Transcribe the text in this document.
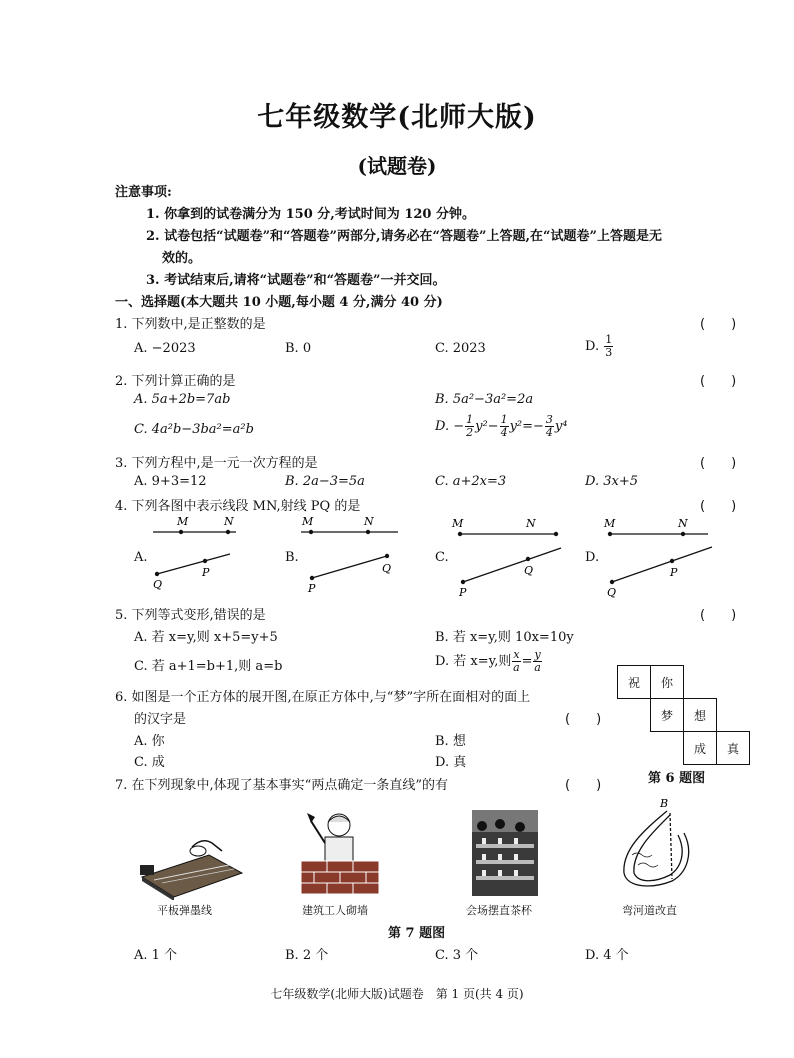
七年级数学(北师大版)
(试题卷)
注意事项:
1. 你拿到的试卷满分为 150 分,考试时间为 120 分钟。
2. 试卷包括“试题卷”和“答题卷”两部分,请务必在“答题卷”上答题,在“试题卷”上答题是无
效的。
3. 考试结束后,请将“试题卷”和“答题卷”一并交回。
一、选择题(本大题共 10 小题,每小题 4 分,满分 40 分)
1. 下列数中,是正整数的是	(　　)
A. −2023	B. 0	C. 2023	D. $\frac{1}{3}$
2. 下列计算正确的是	(　　)
A. 5a+2b=7ab	B. 5a²−3a²=2a
C. 4a²b−3ba²=a²b	D. − $\frac{1}{2} y^2- \frac{1}{4} y^2=- \frac{3}{4} y^4$
3. 下列方程中,是一元一次方程的是	(　　)
A. 9+3=12	B. 2a−3=5a	C. a+2x=3	D. 3x+5
4. 下列各图中表示线段 MN,射线 PQ 的是	(　　)
A.
M	N
Q
P
B.
M	N
P
Q
C.
M	N
P
Q
D.
M	N
Q
P
5. 下列等式变形,错误的是	(　　)
A. 若 x=y,则 x+5=y+5	B. 若 x=y,则 10x=10y
C. 若 a+1=b+1,则 a=b	D. 若 x=y,则 $\frac{x}{a} = \frac{y}{a}$
6. 如图是一个正方体的展开图,在原正方体中,与“梦”字所在面相对的面上
的汉字是	(　　)
A. 你	B. 想
C. 成	D. 真
祝	你
梦	想
成	真
第 6 题图
7. 在下列现象中,体现了基本事实“两点确定一条直线”的有	(　　)
平板弹墨线	建筑工人砌墙	会场摆直茶杯
B
弯河道改直
第 7 题图
A. 1 个	B. 2 个	C. 3 个	D. 4 个
七年级数学(北师大版)试题卷　第 1 页(共 4 页)
